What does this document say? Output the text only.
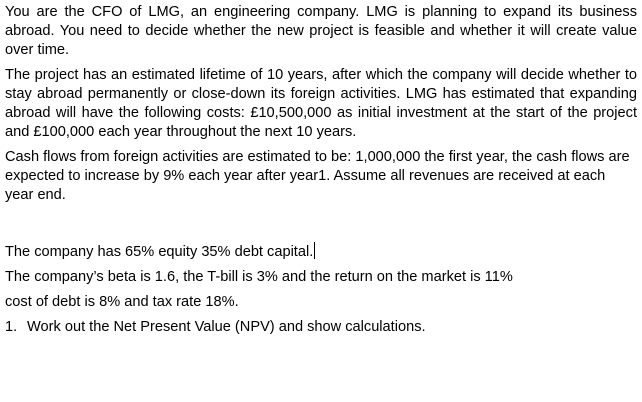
You are the CFO of LMG, an engineering company. LMG is planning to expand its business abroad. You need to decide whether the new project is feasible and whether it will create value over time.

The project has an estimated lifetime of 10 years, after which the company will decide whether to stay abroad permanently or close-down its foreign activities. LMG has estimated that expanding abroad will have the following costs: £10,500,000 as initial investment at the start of the project and £100,000 each year throughout the next 10 years.

Cash flows from foreign activities are estimated to be: 1,000,000 the first year, the cash flows are expected to increase by 9% each year after year1. Assume all revenues are received at each year end.

The company has 65% equity 35% debt capital.

The company’s beta is 1.6, the T-bill is 3% and the return on the market is 11%

cost of debt is 8% and tax rate 18%.

1. Work out the Net Present Value (NPV) and show calculations.
